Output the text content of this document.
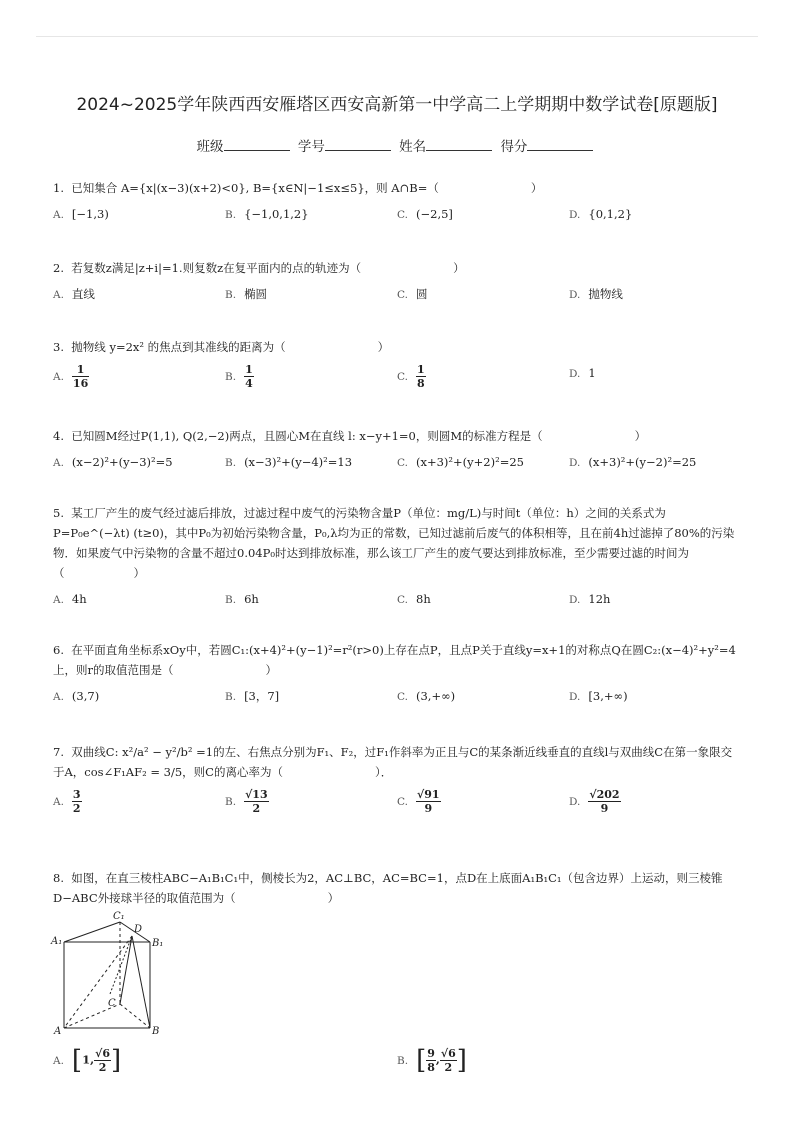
2024~2025学年陕西西安雁塔区西安高新第一中学高二上学期期中数学试卷[原题版]
班级	学号	姓名	得分
1. 已知集合 A={x|(x−3)(x+2)<0}, B={x∈N|−1≤x≤5}，则 A∩B=（　　　　　　　　）
A. [−1,3)	B. {−1,0,1,2}	C. (−2,5]	D. {0,1,2}
2. 若复数z满足|z+i|=1.则复数z在复平面内的点的轨迹为（　　　　　　　　）
A. 直线	B. 椭圆	C. 圆	D. 抛物线
3. 抛物线 y=2x² 的焦点到其准线的距离为（　　　　　　　　）
A. $\frac{1}{16}$	B. $\frac{1}{4}$	C. $\frac{1}{8}$	D. 1
4. 已知圆M经过P(1,1), Q(2,−2)两点，且圆心M在直线 l: x−y+1=0，则圆M的标准方程是（　　　　　　　　）
A. (x−2)²+(y−3)²=5	B. (x−3)²+(y−4)²=13	C. (x+3)²+(y+2)²=25	D. (x+3)²+(y−2)²=25
5. 某工厂产生的废气经过滤后排放，过滤过程中废气的污染物含量P（单位：mg/L)与时间t（单位：h）之间的关系式为 P=P₀e^(−λt) (t≥0)，其中P₀为初始污染物含量，P₀,λ均为正的常数，已知过滤前后废气的体积相等，且在前4h过滤掉了80%的污染物．如果废气中污染物的含量不超过0.04P₀时达到排放标准，那么该工厂产生的废气要达到排放标准，至少需要过滤的时间为（　　　　　　）
A. 4h	B. 6h	C. 8h	D. 12h
6. 在平面直角坐标系xOy中，若圆C₁:(x+4)²+(y−1)²=r²(r>0)上存在点P，且点P关于直线y=x+1的对称点Q在圆C₂:(x−4)²+y²=4上，则r的取值范围是（　　　　　　　　）
A. (3,7)	B. [3，7]	C. (3,+∞)	D. [3,+∞)
7. 双曲线C: x²/a² − y²/b² =1的左、右焦点分别为F₁、F₂，过F₁作斜率为正且与C的某条渐近线垂直的直线l与双曲线C在第一象限交于A，cos∠F₁AF₂ = 3/5，则C的离心率为（　　　　　　　　）．
A. $\frac{3}{2}$	B. $\frac{√13}{2}$	C. $\frac{√91}{9}$	D. $\frac{√202}{9}$
8. 如图，在直三棱柱ABC−A₁B₁C₁中，侧棱长为2，AC⊥BC，AC=BC=1，点D在上底面A₁B₁C₁（包含边界）上运动，则三棱锥D−ABC外接球半径的取值范围为（　　　　　　　　）
C₁
A₁
D
B₁
C
A	B
A. [1, $\frac{√6}{2}$ ]	B. [ $\frac{9}{8}$ , $\frac{√6}{2}$ ]
